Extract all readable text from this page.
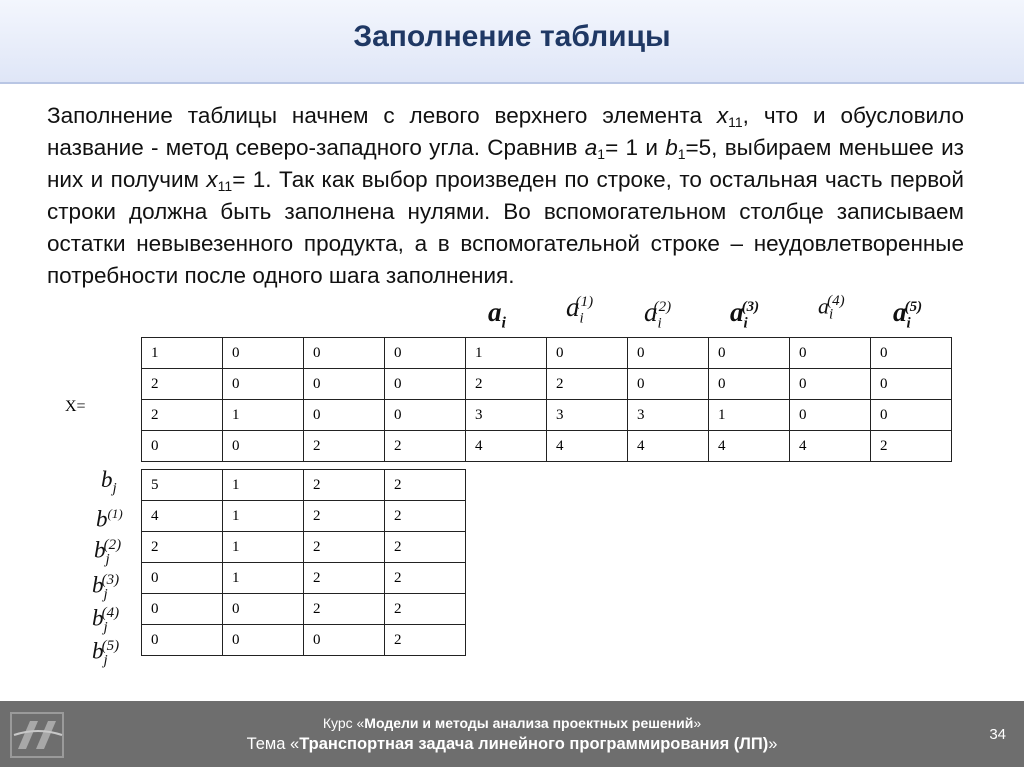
Заполнение таблицы
Заполнение таблицы начнем с левого верхнего элемента $x_{11}$, что и обусловило название - метод северо-западного угла. Сравнив $a_1= 1$ и $b_1=5$, выбираем меньшее из них и получим $x_{11}= 1$. Так как выбор произведен по строке, то остальная часть первой строки должна быть заполнена нулями. Во вспомогательном столбце записываем остатки невывезенного продукта, а в вспомогательной строке – неудовлетворенные потребности после одного шага заполнения.
$a_i$
$a_i^{(1)}$ $a_i^{(2)}$ $a_i^{(3)}$	$a_i^{(4)}$ $a_i^{(5)}$
X=
1	0	0	0	1	0	0	0	0	0
2	0	0	0	2	2	0	0	0	0
2	1	0	0	3	3	3	1	0	0
0	0	2	2	4	4	4	4	4	2
5	1	2	2
4	1	2	2
2	1	2	2
0	1	2	2
0	0	2	2
0	0	0	2
$b_j$
$b^{(1)}$
$b_j^{(2)}$
$b_j^{(3)}$
$b_j^{(4)}$
$b_j^{(5)}$
Курс «Модели и методы анализа проектных решений»
Тема «Транспортная задача линейного программирования (ЛП)»
34
